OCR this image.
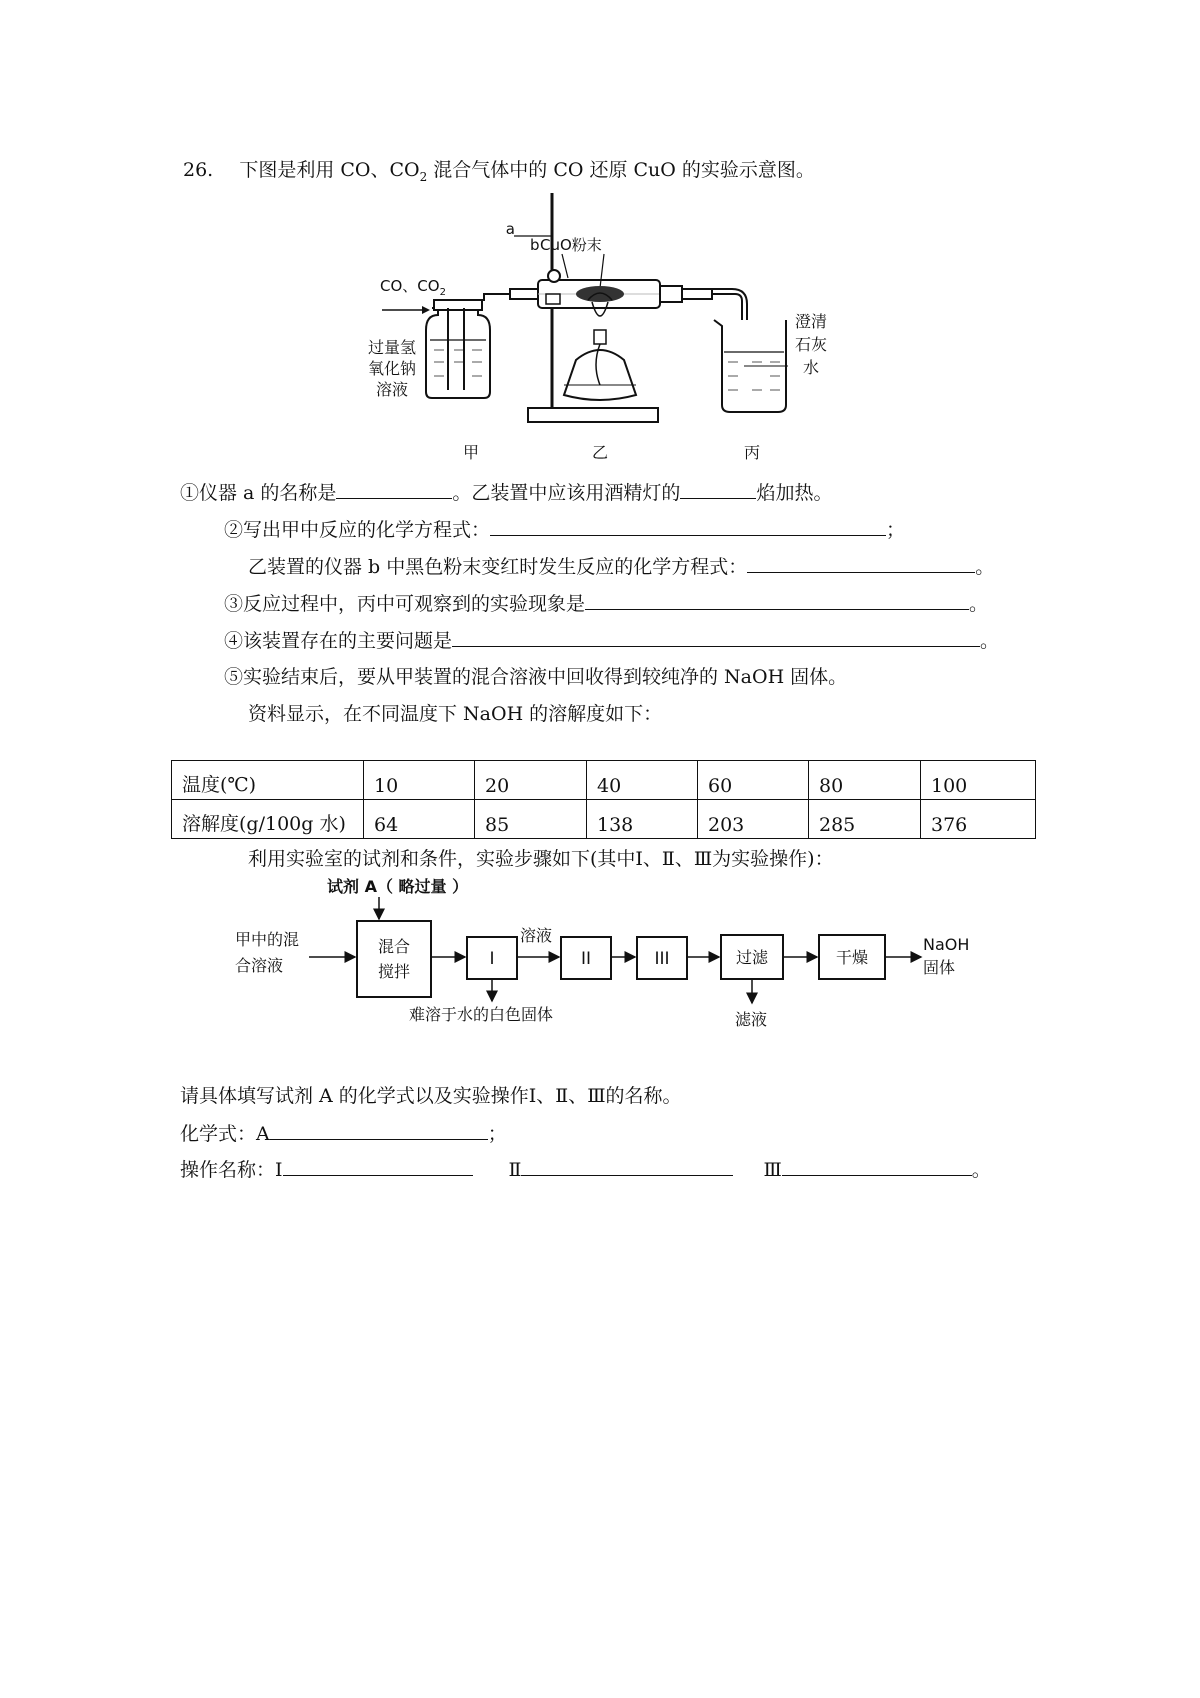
26. 下图是利用 CO、$CO_2$ 混合气体中的 CO 还原 CuO 的实验示意图。
a
CO、$CO_2$
过量氢
氧化钠
溶液
b CuO粉末
澄清
石灰
水
甲	乙	丙
①仪器 a 的名称是	。乙装置中应该用酒精灯的	焰加热。
②写出甲中反应的化学方程式：	；
乙装置的仪器 b 中黑色粉末变红时发生反应的化学方程式：	。
③反应过程中，丙中可观察到的实验现象是	。
④该装置存在的主要问题是	。
⑤实验结束后，要从甲装置的混合溶液中回收得到较纯净的 NaOH 固体。
资料显示，在不同温度下 NaOH 的溶解度如下：
温度(℃)	10	20	40	60	80	100
溶解度(g/100g 水)	64	85	138	203	285	376
利用实验室的试剂和条件，实验步骤如下(其中Ⅰ、Ⅱ、Ⅲ为实验操作)：
试剂 A（ 略过量 ）
甲中的混
合溶液
混合
搅拌
I
难溶于水的白色固体
溶液
II	III	过滤
滤液
干燥
NaOH
固体
请具体填写试剂 A 的化学式以及实验操作Ⅰ、Ⅱ、Ⅲ的名称。
化学式：A	；
操作名称：Ⅰ	Ⅱ	Ⅲ	。
